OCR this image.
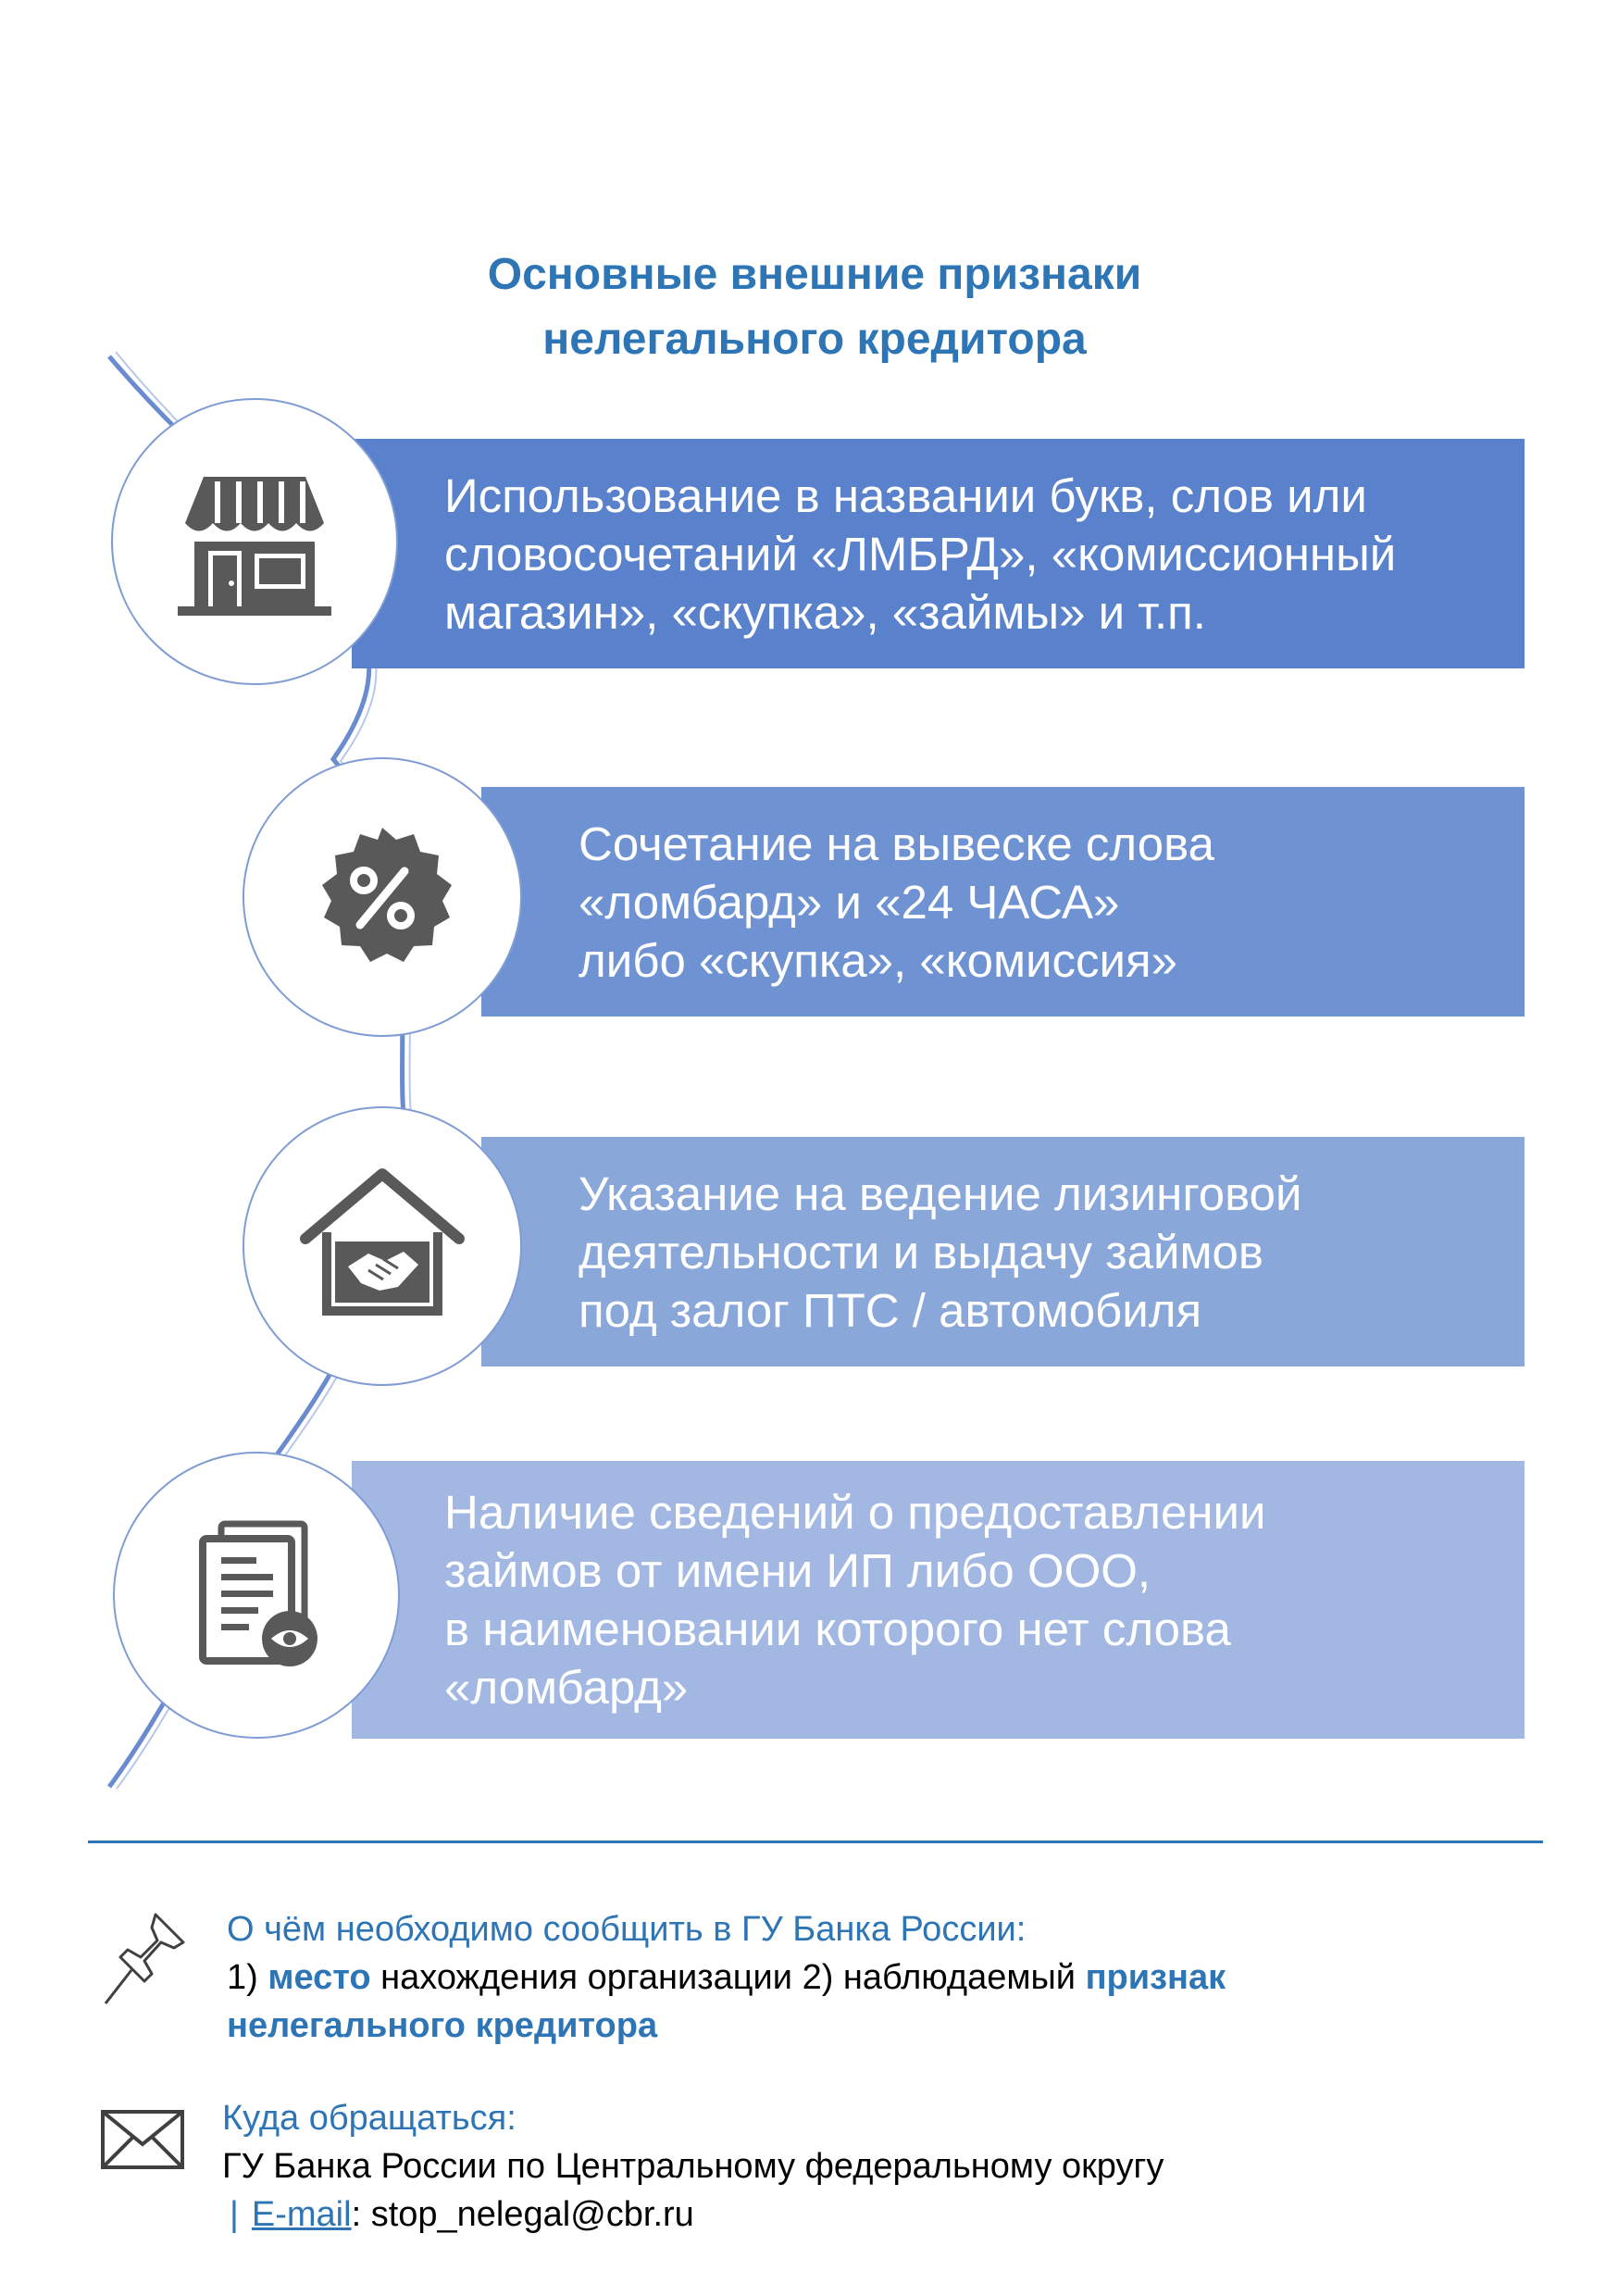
Основные внешние признаки
нелегального кредитора
Использование в названии букв, слов или
словосочетаний «ЛМБРД», «комиссионный
магазин», «скупка», «займы» и т.п.
Сочетание на вывеске слова
«ломбард» и «24 ЧАСА»
либо «скупка», «комиссия»
Указание на ведение лизинговой
деятельности и выдачу займов
под залог ПТС / автомобиля
Наличие сведений о предоставлении
займов от имени ИП либо ООО,
в наименовании которого нет слова
«ломбард»
О чём необходимо сообщить в ГУ Банка России:
1) место нахождения организации 2) наблюдаемый признак
нелегального кредитора
Куда обращаться:
ГУ Банка России по Центральному федеральному округу
| E-mail: stop_nelegal@cbr.ru
